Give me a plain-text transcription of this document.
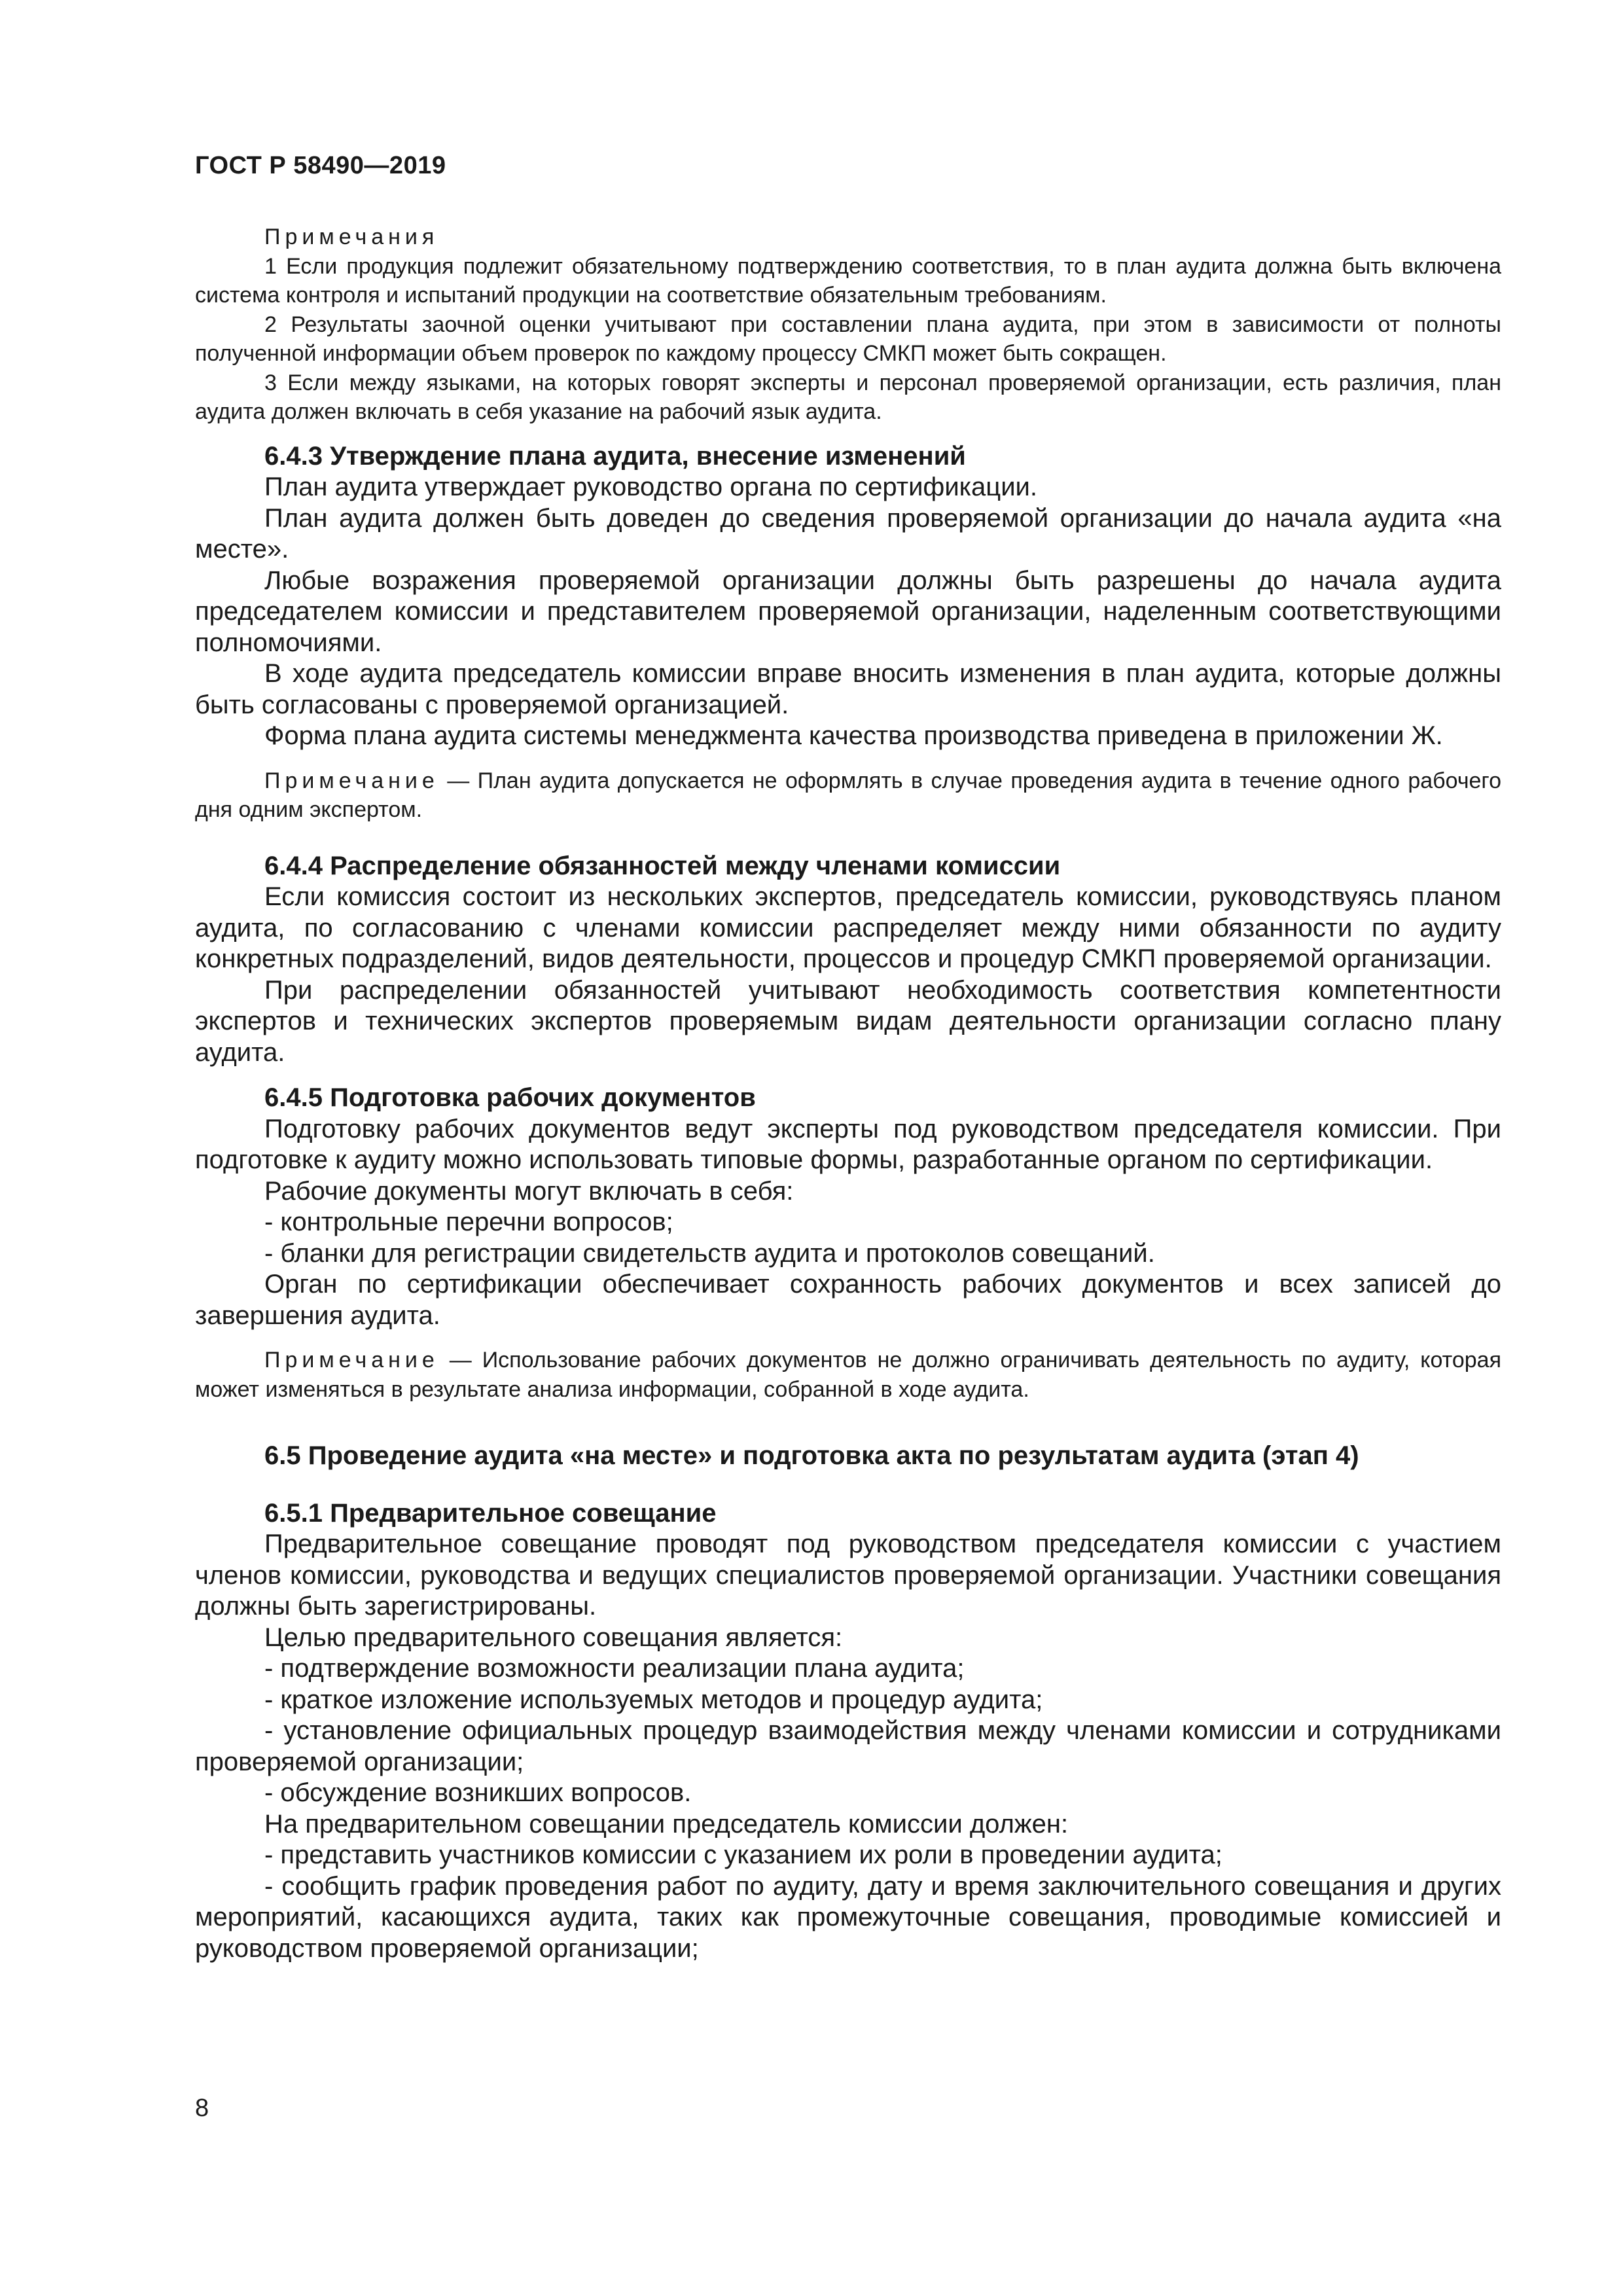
ГОСТ Р 58490—2019

Примечания

1 Если продукция подлежит обязательному подтверждению соответствия, то в план аудита должна быть включена система контроля и испытаний продукции на соответствие обязательным требованиям.

2 Результаты заочной оценки учитывают при составлении плана аудита, при этом в зависимости от полноты полученной информации объем проверок по каждому процессу СМКП может быть сокращен.

3 Если между языками, на которых говорят эксперты и персонал проверяемой организации, есть различия, план аудита должен включать в себя указание на рабочий язык аудита.

6.4.3 Утверждение плана аудита, внесение изменений

План аудита утверждает руководство органа по сертификации.

План аудита должен быть доведен до сведения проверяемой организации до начала аудита «на месте».

Любые возражения проверяемой организации должны быть разрешены до начала аудита председателем комиссии и представителем проверяемой организации, наделенным соответствующими полномочиями.

В ходе аудита председатель комиссии вправе вносить изменения в план аудита, которые должны быть согласованы с проверяемой организацией.

Форма плана аудита системы менеджмента качества производства приведена в приложении Ж.

Примечание — План аудита допускается не оформлять в случае проведения аудита в течение одного рабочего дня одним экспертом.

6.4.4 Распределение обязанностей между членами комиссии

Если комиссия состоит из нескольких экспертов, председатель комиссии, руководствуясь планом аудита, по согласованию с членами комиссии распределяет между ними обязанности по аудиту конкретных подразделений, видов деятельности, процессов и процедур СМКП проверяемой организации.

При распределении обязанностей учитывают необходимость соответствия компетентности экспертов и технических экспертов проверяемым видам деятельности организации согласно плану аудита.

6.4.5 Подготовка рабочих документов

Подготовку рабочих документов ведут эксперты под руководством председателя комиссии. При подготовке к аудиту можно использовать типовые формы, разработанные органом по сертификации.

Рабочие документы могут включать в себя:

- контрольные перечни вопросов;

- бланки для регистрации свидетельств аудита и протоколов совещаний.

Орган по сертификации обеспечивает сохранность рабочих документов и всех записей до завершения аудита.

Примечание — Использование рабочих документов не должно ограничивать деятельность по аудиту, которая может изменяться в результате анализа информации, собранной в ходе аудита.

6.5 Проведение аудита «на месте» и подготовка акта по результатам аудита (этап 4)

6.5.1 Предварительное совещание

Предварительное совещание проводят под руководством председателя комиссии с участием членов комиссии, руководства и ведущих специалистов проверяемой организации. Участники совещания должны быть зарегистрированы.

Целью предварительного совещания является:

- подтверждение возможности реализации плана аудита;

- краткое изложение используемых методов и процедур аудита;

- установление официальных процедур взаимодействия между членами комиссии и сотрудниками проверяемой организации;

- обсуждение возникших вопросов.

На предварительном совещании председатель комиссии должен:

- представить участников комиссии с указанием их роли в проведении аудита;

- сообщить график проведения работ по аудиту, дату и время заключительного совещания и других мероприятий, касающихся аудита, таких как промежуточные совещания, проводимые комиссией и руководством проверяемой организации;

8
